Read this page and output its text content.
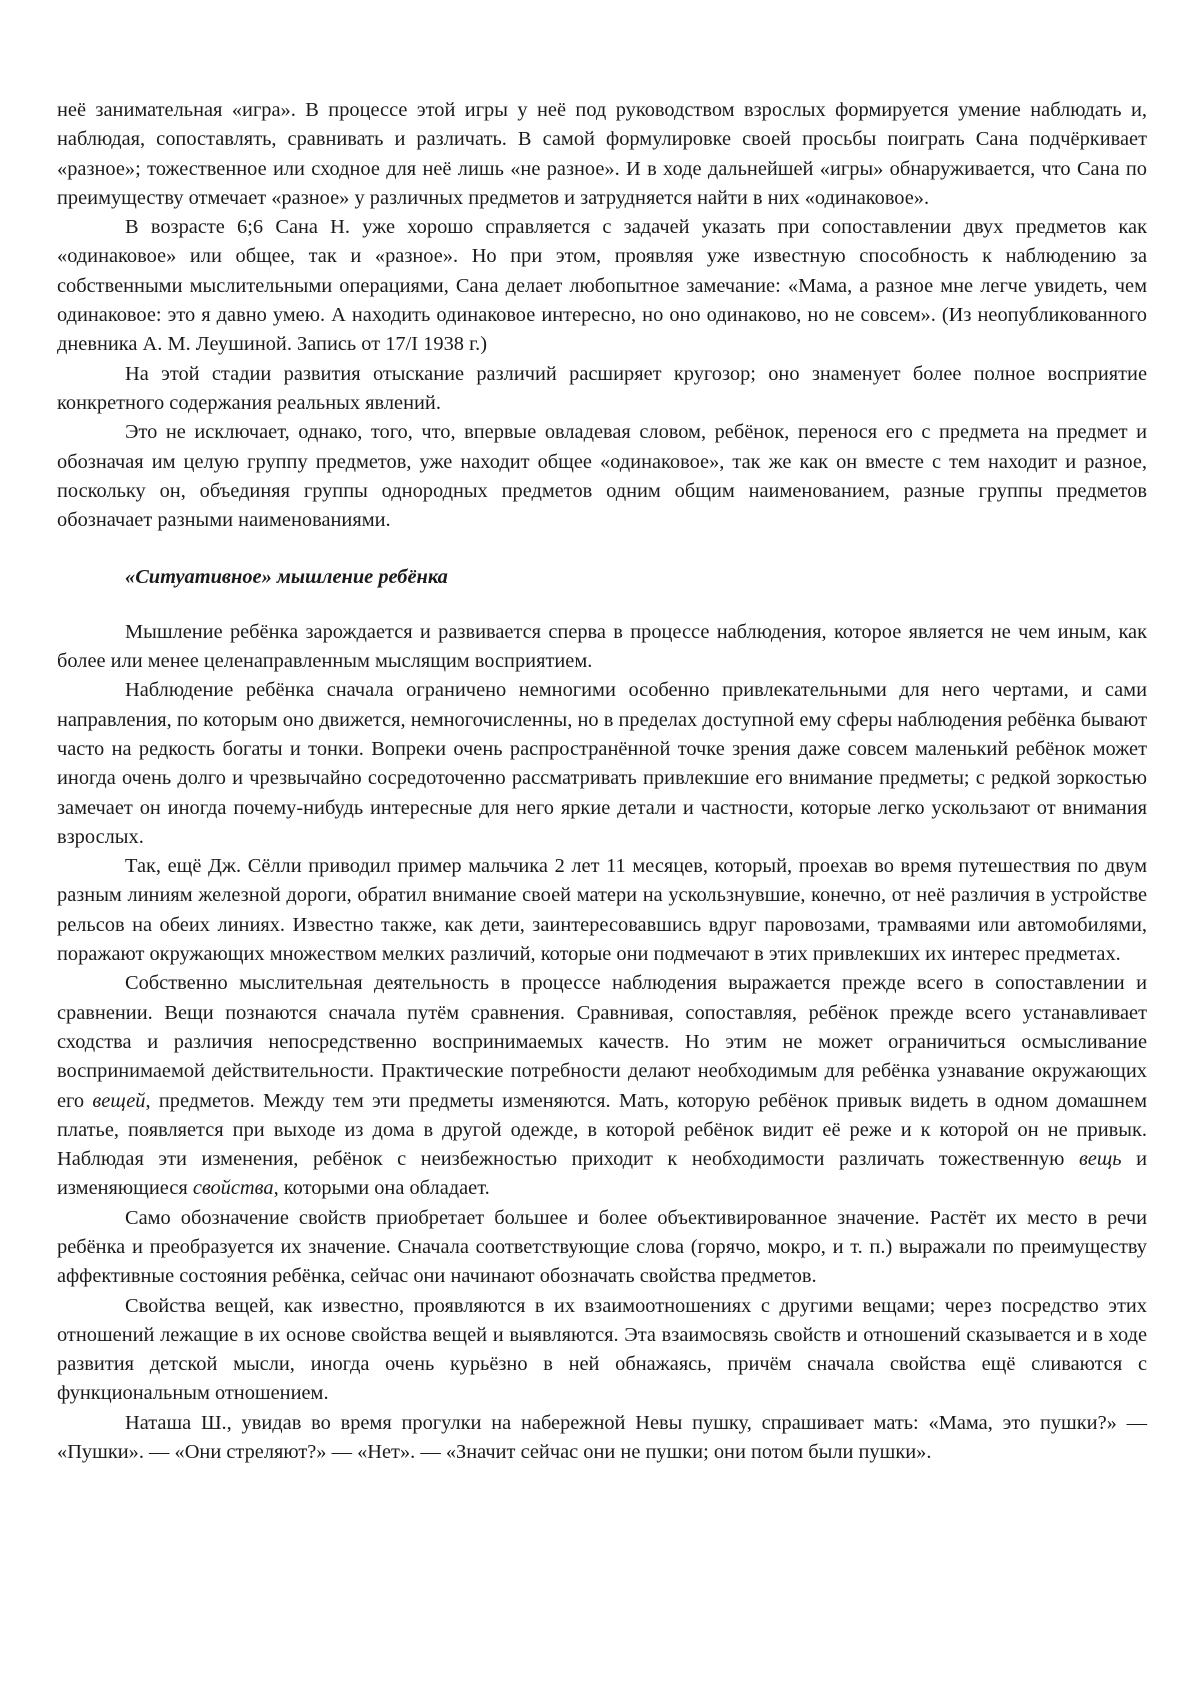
неё занимательная «игра». В процессе этой игры у неё под руководством взрослых формируется умение наблюдать и, наблюдая, сопоставлять, сравнивать и различать. В самой формулировке своей просьбы поиграть Сана подчёркивает «разное»; тожественное или сходное для неё лишь «не разное». И в ходе дальнейшей «игры» обнаруживается, что Сана по преимуществу отмечает «разное» у различных предметов и затрудняется найти в них «одинаковое».

В возрасте 6;6 Сана Н. уже хорошо справляется с задачей указать при сопоставлении двух предметов как «одинаковое» или общее, так и «разное». Но при этом, проявляя уже известную способность к наблюдению за собственными мыслительными операциями, Сана делает любопытное замечание: «Мама, а разное мне легче увидеть, чем одинаковое: это я давно умею. А находить одинаковое интересно, но оно одинаково, но не совсем». (Из неопубликованного дневника А. М. Леушиной. Запись от 17/I 1938 г.)

На этой стадии развития отыскание различий расширяет кругозор; оно знаменует более полное восприятие конкретного содержания реальных явлений.

Это не исключает, однако, того, что, впервые овладевая словом, ребёнок, перенося его с предмета на предмет и обозначая им целую группу предметов, уже находит общее «одинаковое», так же как он вместе с тем находит и разное, поскольку он, объединяя группы однородных предметов одним общим наименованием, разные группы предметов обозначает разными наименованиями.

«Ситуативное» мышление ребёнка

Мышление ребёнка зарождается и развивается сперва в процессе наблюдения, которое является не чем иным, как более или менее целенаправленным мыслящим восприятием.

Наблюдение ребёнка сначала ограничено немногими особенно привлекательными для него чертами, и сами направления, по которым оно движется, немногочисленны, но в пределах доступной ему сферы наблюдения ребёнка бывают часто на редкость богаты и тонки. Вопреки очень распространённой точке зрения даже совсем маленький ребёнок может иногда очень долго и чрезвычайно сосредоточенно рассматривать привлекшие его внимание предметы; с редкой зоркостью замечает он иногда почему-нибудь интересные для него яркие детали и частности, которые легко ускользают от внимания взрослых.

Так, ещё Дж. Сёлли приводил пример мальчика 2 лет 11 месяцев, который, проехав во время путешествия по двум разным линиям железной дороги, обратил внимание своей матери на ускользнувшие, конечно, от неё различия в устройстве рельсов на обеих линиях. Известно также, как дети, заинтересовавшись вдруг паровозами, трамваями или автомобилями, поражают окружающих множеством мелких различий, которые они подмечают в этих привлекших их интерес предметах.

Собственно мыслительная деятельность в процессе наблюдения выражается прежде всего в сопоставлении и сравнении. Вещи познаются сначала путём сравнения. Сравнивая, сопоставляя, ребёнок прежде всего устанавливает сходства и различия непосредственно воспринимаемых качеств. Но этим не может ограничиться осмысливание воспринимаемой действительности. Практические потребности делают необходимым для ребёнка узнавание окружающих его вещей, предметов. Между тем эти предметы изменяются. Мать, которую ребёнок привык видеть в одном домашнем платье, появляется при выходе из дома в другой одежде, в которой ребёнок видит её реже и к которой он не привык. Наблюдая эти изменения, ребёнок с неизбежностью приходит к необходимости различать тожественную вещь и изменяющиеся свойства, которыми она обладает.

Само обозначение свойств приобретает большее и более объективированное значение. Растёт их место в речи ребёнка и преобразуется их значение. Сначала соответствующие слова (горячо, мокро, и т. п.) выражали по преимуществу аффективные состояния ребёнка, сейчас они начинают обозначать свойства предметов.

Свойства вещей, как известно, проявляются в их взаимоотношениях с другими вещами; через посредство этих отношений лежащие в их основе свойства вещей и выявляются. Эта взаимосвязь свойств и отношений сказывается и в ходе развития детской мысли, иногда очень курьёзно в ней обнажаясь, причём сначала свойства ещё сливаются с функциональным отношением.

Наташа Ш., увидав во время прогулки на набережной Невы пушку, спрашивает мать: «Мама, это пушки?» — «Пушки». — «Они стреляют?» — «Нет». — «Значит сейчас они не пушки; они потом были пушки».
